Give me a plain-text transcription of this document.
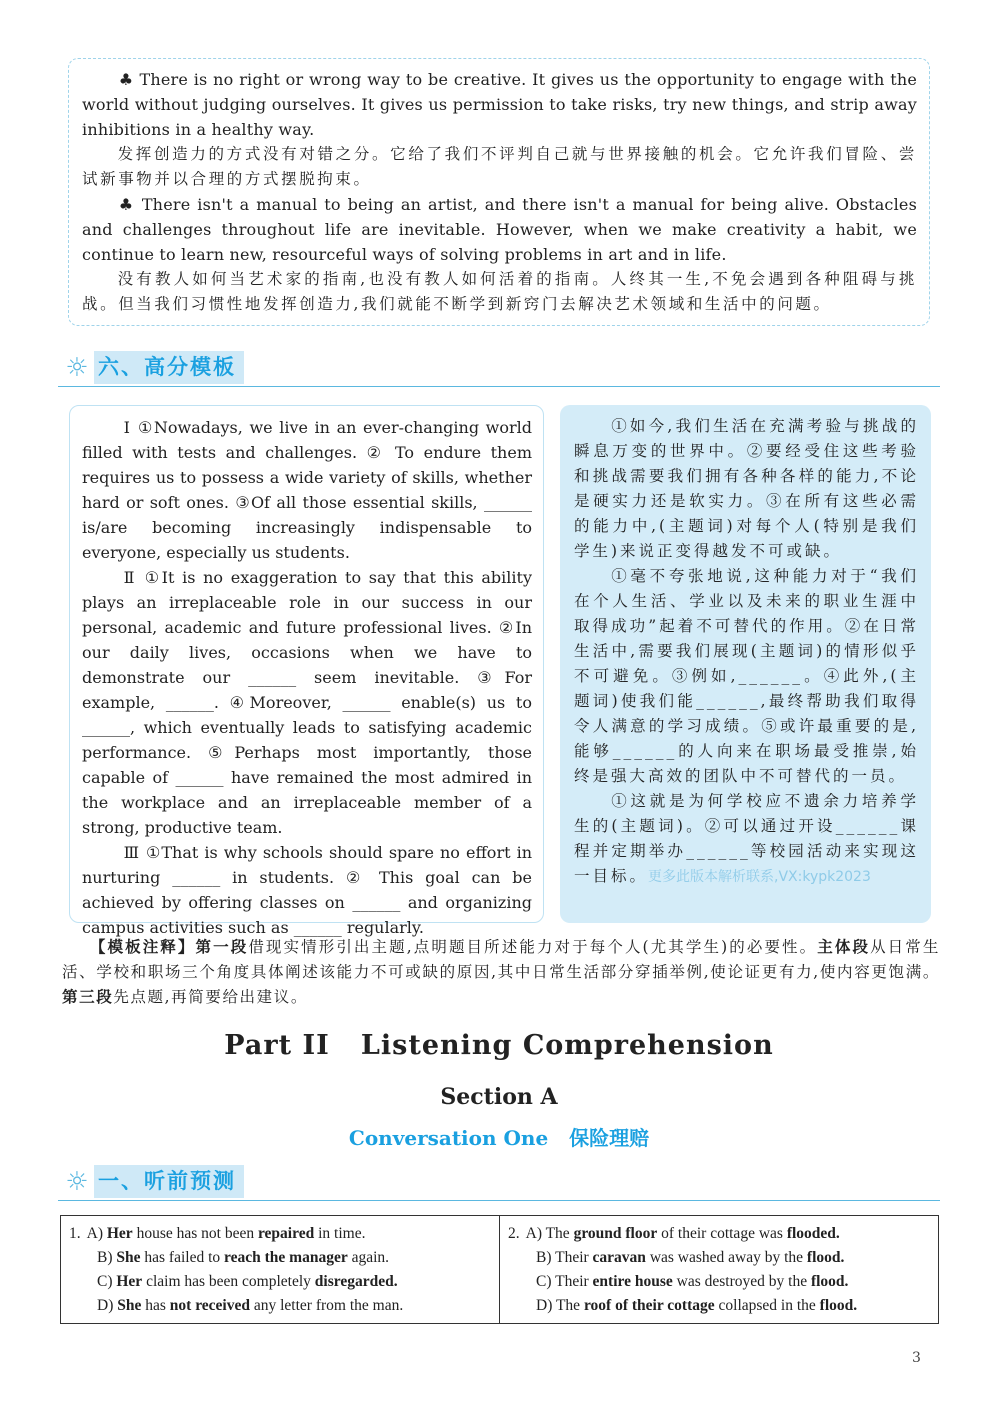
♣ There is no right or wrong way to be creative. It gives us the opportunity to engage with the world without judging ourselves. It gives us permission to take risks, try new things, and strip away inhibitions in a healthy way.

发挥创造力的方式没有对错之分。它给了我们不评判自己就与世界接触的机会。它允许我们冒险、尝试新事物并以合理的方式摆脱拘束。

♣ There isn't a manual to being an artist, and there isn't a manual for being alive. Obstacles and challenges throughout life are inevitable. However, when we make creativity a habit, we continue to learn new, resourceful ways of solving problems in art and in life.

没有教人如何当艺术家的指南,也没有教人如何活着的指南。人终其一生,不免会遇到各种阻碍与挑战。但当我们习惯性地发挥创造力,我们就能不断学到新窍门去解决艺术领域和生活中的问题。

☼ 六、高分模板

Ⅰ ①Nowadays, we live in an ever-changing world filled with tests and challenges. ② To endure them requires us to possess a wide variety of skills, whether hard or soft ones. ③Of all those essential skills, ______ is/are becoming increasingly indispensable to everyone, especially us students.

Ⅱ ①It is no exaggeration to say that this ability plays an irreplaceable role in our success in our personal, academic and future professional lives. ②In our daily lives, occasions when we have to demonstrate our ______ seem inevitable. ③For example, ______. ④Moreover, ______ enable(s) us to ______, which eventually leads to satisfying academic performance. ⑤Perhaps most importantly, those capable of ______ have remained the most admired in the workplace and an irreplaceable member of a strong, productive team.

Ⅲ ①That is why schools should spare no effort in nurturing ______ in students. ② This goal can be achieved by offering classes on ______ and organizing campus activities such as ______ regularly.

①如今,我们生活在充满考验与挑战的瞬息万变的世界中。②要经受住这些考验和挑战需要我们拥有各种各样的能力,不论是硬实力还是软实力。③在所有这些必需的能力中,(主题词)对每个人(特别是我们学生)来说正变得越发不可或缺。

①毫不夸张地说,这种能力对于“我们在个人生活、学业以及未来的职业生涯中取得成功”起着不可替代的作用。②在日常生活中,需要我们展现(主题词)的情形似乎不可避免。③例如,______。④此外,(主题词)使我们能______,最终帮助我们取得令人满意的学习成绩。⑤或许最重要的是,能够______的人向来在职场最受推崇,始终是强大高效的团队中不可替代的一员。

①这就是为何学校应不遗余力培养学生的(主题词)。②可以通过开设______课程并定期举办______等校园活动来实现这一目标。更多此版本解析联系,VX:kypk2023

【模板注释】第一段借现实情形引出主题,点明题目所述能力对于每个人(尤其学生)的必要性。主体段从日常生活、学校和职场三个角度具体阐述该能力不可或缺的原因,其中日常生活部分穿插举例,使论证更有力,使内容更饱满。第三段先点题,再简要给出建议。
Part II   Listening Comprehension
Section A
Conversation One   保险理赔
☼ 一、听前预测
1. A) Her house has not been repaired in time.
B) She has failed to reach the manager again.
C) Her claim has been completely disregarded.
D) She has not received any letter from the man.
2. A) The ground floor of their cottage was flooded.
B) Their caravan was washed away by the flood.
C) Their entire house was destroyed by the flood.
D) The roof of their cottage collapsed in the flood.
3
